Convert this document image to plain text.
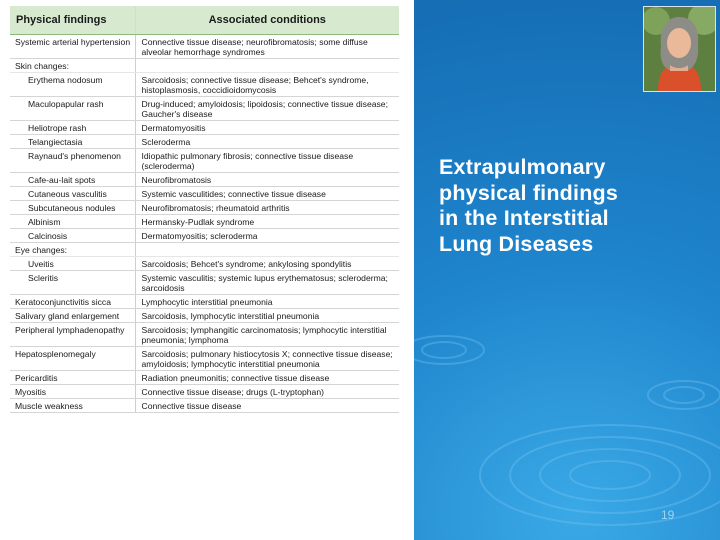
Physical findings	Associated conditions
Systemic arterial hypertension	Connective tissue disease; neurofibromatosis; some diffuse alveolar hemorrhage syndromes
Skin changes:	
Erythema nodosum	Sarcoidosis; connective tissue disease; Behcet's syndrome, histoplasmosis, coccidioidomycosis
Maculopapular rash	Drug-induced; amyloidosis; lipoidosis; connective tissue disease; Gaucher's disease
Heliotrope rash	Dermatomyositis
Telangiectasia	Scleroderma
Raynaud's phenomenon	Idiopathic pulmonary fibrosis; connective tissue disease (scleroderma)
Cafe-au-lait spots	Neurofibromatosis
Cutaneous vasculitis	Systemic vasculitides; connective tissue disease
Subcutaneous nodules	Neurofibromatosis; rheumatoid arthritis
Albinism	Hermansky-Pudlak syndrome
Calcinosis	Dermatomyositis; scleroderma
Eye changes:	
Uveitis	Sarcoidosis; Behcet's syndrome; ankylosing spondylitis
Scleritis	Systemic vasculitis; systemic lupus erythematosus; scleroderma; sarcoidosis
Keratoconjunctivitis sicca	Lymphocytic interstitial pneumonia
Salivary gland enlargement	Sarcoidosis, lymphocytic interstitial pneumonia
Peripheral lymphadenopathy	Sarcoidosis; lymphangitic carcinomatosis; lymphocytic interstitial pneumonia; lymphoma
Hepatosplenomegaly	Sarcoidosis; pulmonary histiocytosis X; connective tissue disease; amyloidosis; lymphocytic interstitial pneumonia
Pericarditis	Radiation pneumonitis; connective tissue disease
Myositis	Connective tissue disease; drugs (L-tryptophan)
Muscle weakness	Connective tissue disease
Extrapulmonary
physical findings
in the Interstitial
Lung Diseases
19
